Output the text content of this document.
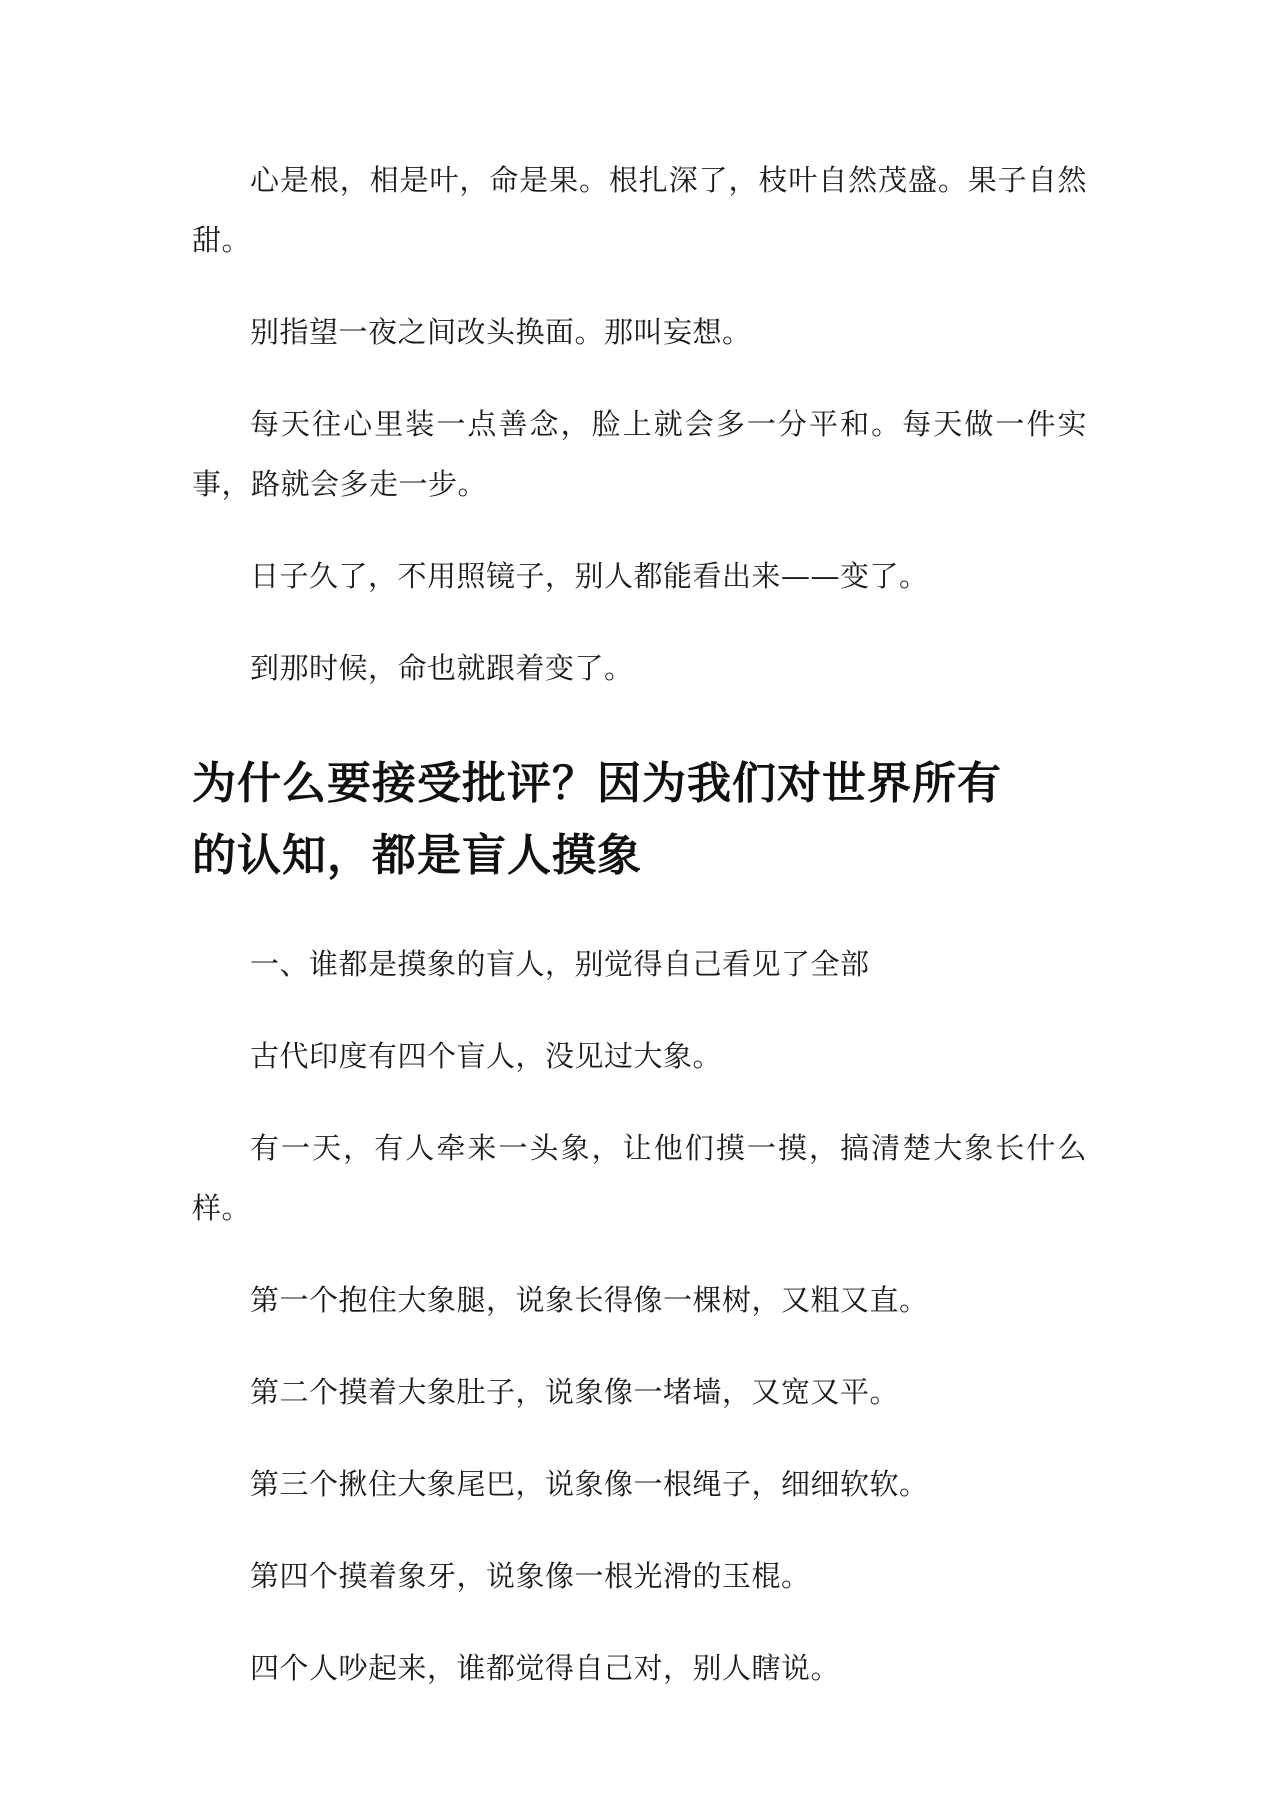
心是根，相是叶，命是果。根扎深了，枝叶自然茂盛。果子自然甜。

别指望一夜之间改头换面。那叫妄想。

每天往心里装一点善念，脸上就会多一分平和。每天做一件实事，路就会多走一步。

日子久了，不用照镜子，别人都能看出来——变了。

到那时候，命也就跟着变了。

为什么要接受批评？因为我们对世界所有
的认知，都是盲人摸象

一、谁都是摸象的盲人，别觉得自己看见了全部

古代印度有四个盲人，没见过大象。

有一天，有人牵来一头象，让他们摸一摸，搞清楚大象长什么样。

第一个抱住大象腿，说象长得像一棵树，又粗又直。

第二个摸着大象肚子，说象像一堵墙，又宽又平。

第三个揪住大象尾巴，说象像一根绳子，细细软软。

第四个摸着象牙，说象像一根光滑的玉棍。

四个人吵起来，谁都觉得自己对，别人瞎说。
